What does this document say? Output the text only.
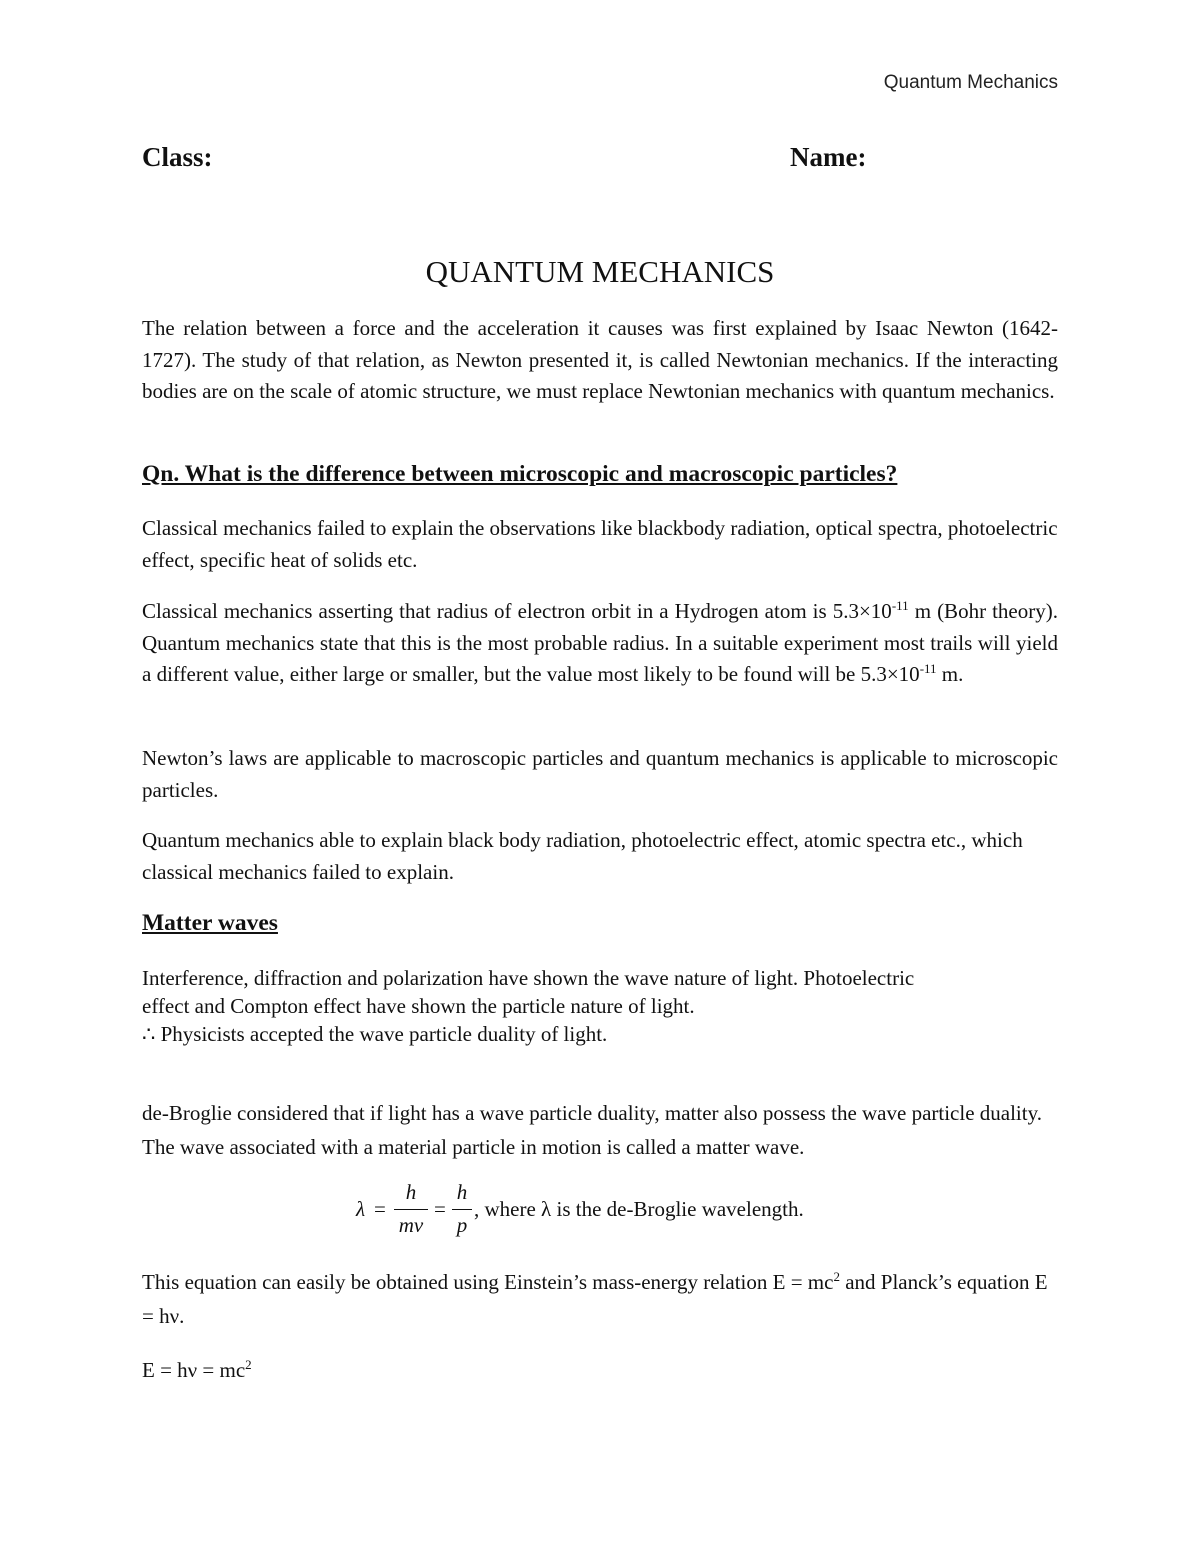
Quantum Mechanics
Class:	Name:
QUANTUM MECHANICS

The relation between a force and the acceleration it causes was first explained by Isaac Newton (1642-1727). The study of that relation, as Newton presented it, is called Newtonian mechanics. If the interacting bodies are on the scale of atomic structure, we must replace Newtonian mechanics with quantum mechanics.

Qn. What is the difference between microscopic and macroscopic particles?

Classical mechanics failed to explain the observations like blackbody radiation, optical spectra, photoelectric effect, specific heat of solids etc.

Classical mechanics asserting that radius of electron orbit in a Hydrogen atom is $5.3\times 10^{-11}$ m (Bohr theory). Quantum mechanics state that this is the most probable radius. In a suitable experiment most trails will yield a different value, either large or smaller, but the value most likely to be found will be $5.3\times 10^{-11}$ m.

Newton’s laws are applicable to macroscopic particles and quantum mechanics is applicable to microscopic particles.

Quantum mechanics able to explain black body radiation, photoelectric effect, atomic spectra etc., which classical mechanics failed to explain.

Matter waves
Interference, diffraction and polarization have shown the wave nature of light. Photoelectric
effect and Compton effect have shown the particle nature of light.
∴ Physicists accepted the wave particle duality of light.

de-Broglie considered that if light has a wave particle duality, matter also possess the wave particle duality. The wave associated with a material particle in motion is called a matter wave.

λ =
h
mv
=
h
p
, where λ is the de-Broglie wavelength.

This equation can easily be obtained using Einstein’s mass-energy relation $E = mc^2$ and Planck’s equation E = hν.

$E = h\nu = mc^2$
